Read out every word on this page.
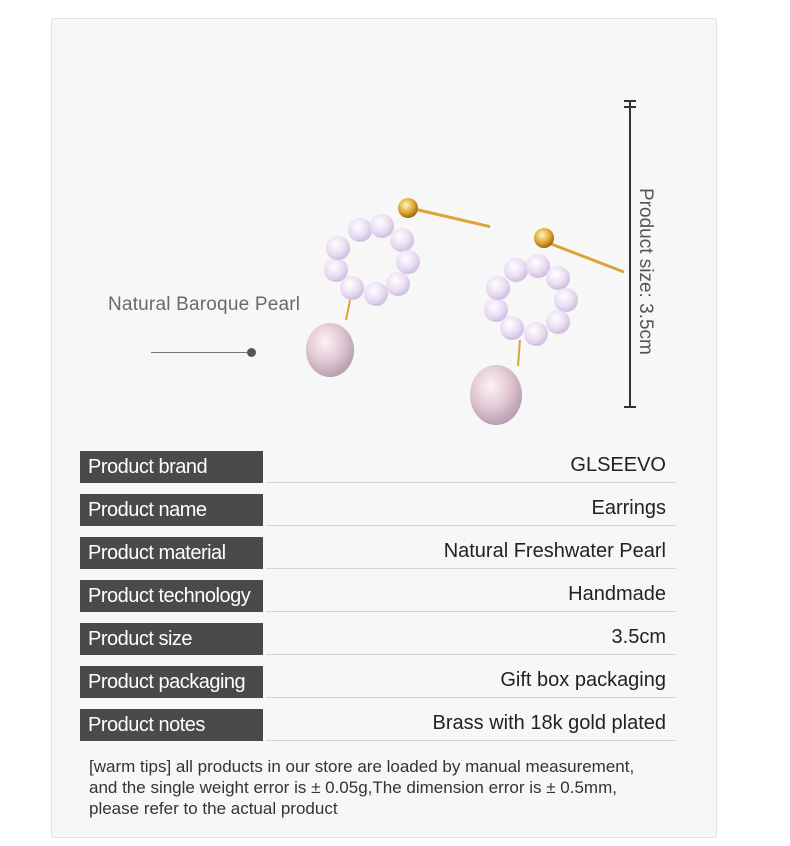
Natural Baroque Pearl	Product size: 3.5cm
Product brand	GLSEEVO
Product name	Earrings
Product material	Natural Freshwater Pearl
Product technology	Handmade
Product size	3.5cm
Product packaging	Gift box packaging
Product notes	Brass with 18k gold plated
[warm tips] all products in our store are loaded by manual measurement,
and the single weight error is ± 0.05g,The dimension error is ± 0.5mm,
please refer to the actual product
